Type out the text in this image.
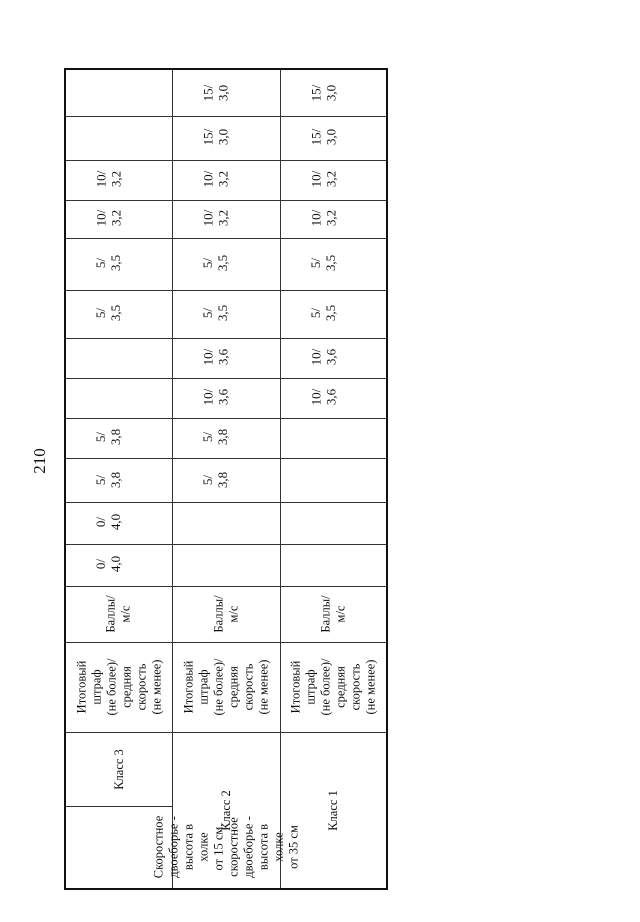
210
Скоростное двоеборье - высота в холке от 15 см, скоростное двоеборье - высота в холке от 35 см
Класс 3
Итоговый штраф (не более)/ средняя скорость (не менее)
Баллы/ м/с
Класс 2
Итоговый штраф (не более)/ средняя скорость (не менее)
Баллы/ м/с
Класс 1
Итоговый штраф (не более)/ средняя скорость (не менее)
Баллы/ м/с
0/ 4,0
0/ 4,0
5/ 3,8
5/ 3,8
5/ 3,5
5/ 3,5
10/ 3,2
10/ 3,2
5/ 3,8
5/ 3,8
10/ 3,6
10/ 3,6
5/ 3,5
5/ 3,5
10/ 3,2
10/ 3,2
15/ 3,0
15/ 3,0
10/ 3,6
10/ 3,6
5/ 3,5
5/ 3,5
10/ 3,2
10/ 3,2
15/ 3,0
15/ 3,0
